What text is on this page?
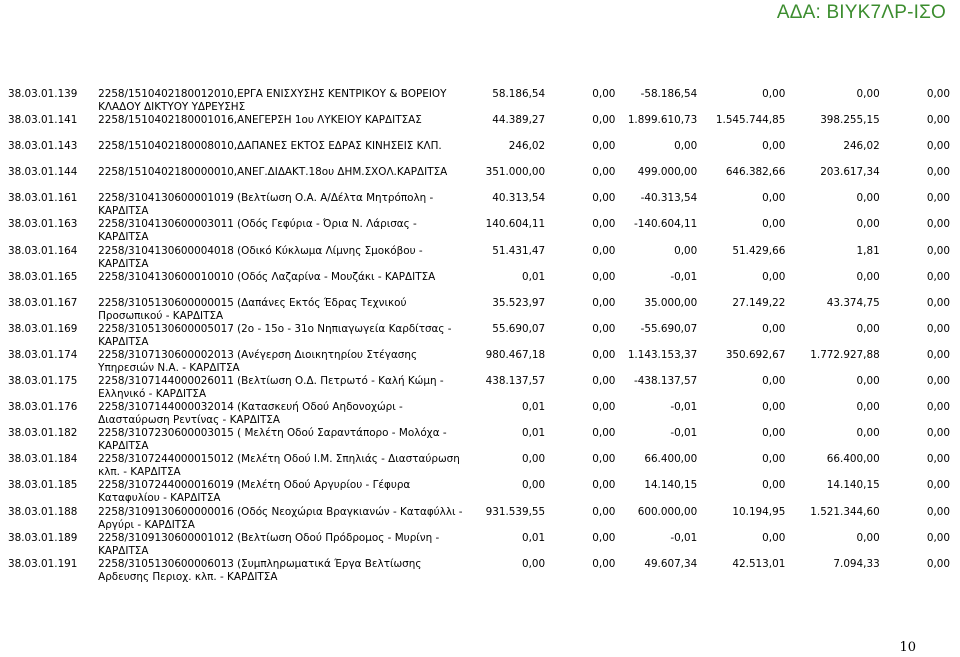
ΑΔΑ: ΒΙΥΚ7ΛΡ-ΙΣΟ
38.03.01.139	2258/1510402180012010,ΕΡΓΑ ΕΝΙΣΧΥΣΗΣ ΚΕΝΤΡΙΚΟΥ & ΒΟΡΕΙΟΥ ΚΛΑΔΟΥ ΔΙΚΤΥΟΥ ΥΔΡΕΥΣΗΣ	58.186,54	0,00	-58.186,54	0,00	0,00	0,00
38.03.01.141	2258/1510402180001016,ΑΝΕΓΕΡΣΗ 1ου ΛΥΚΕΙΟΥ ΚΑΡΔΙΤΣΑΣ	44.389,27	0,00	1.899.610,73	1.545.744,85	398.255,15	0,00
38.03.01.143	2258/1510402180008010,ΔΑΠΑΝΕΣ ΕΚΤΟΣ ΕΔΡΑΣ ΚΙΝΗΣΕΙΣ ΚΛΠ.	246,02	0,00	0,00	0,00	246,02	0,00
38.03.01.144	2258/1510402180000010,ΑΝΕΓ.ΔΙΔΑΚΤ.18ου ΔΗΜ.ΣΧΟΛ.ΚΑΡΔΙΤΣΑ	351.000,00	0,00	499.000,00	646.382,66	203.617,34	0,00
38.03.01.161	2258/3104130600001019 (Βελτίωση Ο.Α. Α/Δέλτα Μητρόπολη - ΚΑΡΔΙΤΣΑ	40.313,54	0,00	-40.313,54	0,00	0,00	0,00
38.03.01.163	2258/3104130600003011 (Οδός Γεφύρια - Όρια Ν. Λάρισας - ΚΑΡΔΙΤΣΑ	140.604,11	0,00	-140.604,11	0,00	0,00	0,00
38.03.01.164	2258/3104130600004018 (Οδικό Κύκλωμα Λίμνης Σμοκόβου - ΚΑΡΔΙΤΣΑ	51.431,47	0,00	0,00	51.429,66	1,81	0,00
38.03.01.165	2258/3104130600010010 (Οδός Λαζαρίνα - Μουζάκι - ΚΑΡΔΙΤΣΑ	0,01	0,00	-0,01	0,00	0,00	0,00
38.03.01.167	2258/3105130600000015 (Δαπάνες Εκτός Έδρας Τεχνικού Προσωπικού - ΚΑΡΔΙΤΣΑ	35.523,97	0,00	35.000,00	27.149,22	43.374,75	0,00
38.03.01.169	2258/3105130600005017 (2ο - 15ο - 31ο Νηπιαγωγεία Καρδίτσας - ΚΑΡΔΙΤΣΑ	55.690,07	0,00	-55.690,07	0,00	0,00	0,00
38.03.01.174	2258/3107130600002013 (Ανέγερση Διοικητηρίου Στέγασης Υπηρεσιών Ν.Α. - ΚΑΡΔΙΤΣΑ	980.467,18	0,00	1.143.153,37	350.692,67	1.772.927,88	0,00
38.03.01.175	2258/3107144000026011 (Βελτίωση Ο.Δ. Πετρωτό - Καλή Κώμη - Ελληνικό - ΚΑΡΔΙΤΣΑ	438.137,57	0,00	-438.137,57	0,00	0,00	0,00
38.03.01.176	2258/3107144000032014 (Κατασκευή Οδού Αηδονοχώρι - Διασταύρωση Ρεντίνας - ΚΑΡΔΙΤΣΑ	0,01	0,00	-0,01	0,00	0,00	0,00
38.03.01.182	2258/3107230600003015 ( Μελέτη Οδού Σαραντάπορο - Μολόχα - ΚΑΡΔΙΤΣΑ	0,01	0,00	-0,01	0,00	0,00	0,00
38.03.01.184	2258/3107244000015012 (Μελέτη Οδού Ι.Μ. Σπηλιάς - Διασταύρωση κλπ. - ΚΑΡΔΙΤΣΑ	0,00	0,00	66.400,00	0,00	66.400,00	0,00
38.03.01.185	2258/3107244000016019 (Μελέτη Οδού Αργυρίου - Γέφυρα Καταφυλίου - ΚΑΡΔΙΤΣΑ	0,00	0,00	14.140,15	0,00	14.140,15	0,00
38.03.01.188	2258/3109130600000016 (Οδός Νεοχώρια Βραγκιανών - Καταφύλλι - Αργύρι - ΚΑΡΔΙΤΣΑ	931.539,55	0,00	600.000,00	10.194,95	1.521.344,60	0,00
38.03.01.189	2258/3109130600001012 (Βελτίωση Οδού Πρόδρομος - Μυρίνη - ΚΑΡΔΙΤΣΑ	0,01	0,00	-0,01	0,00	0,00	0,00
38.03.01.191	2258/3105130600006013 (Συμπληρωματικά Έργα Βελτίωσης Αρδευσης Περιοχ. κλπ. - ΚΑΡΔΙΤΣΑ	0,00	0,00	49.607,34	42.513,01	7.094,33	0,00
10
